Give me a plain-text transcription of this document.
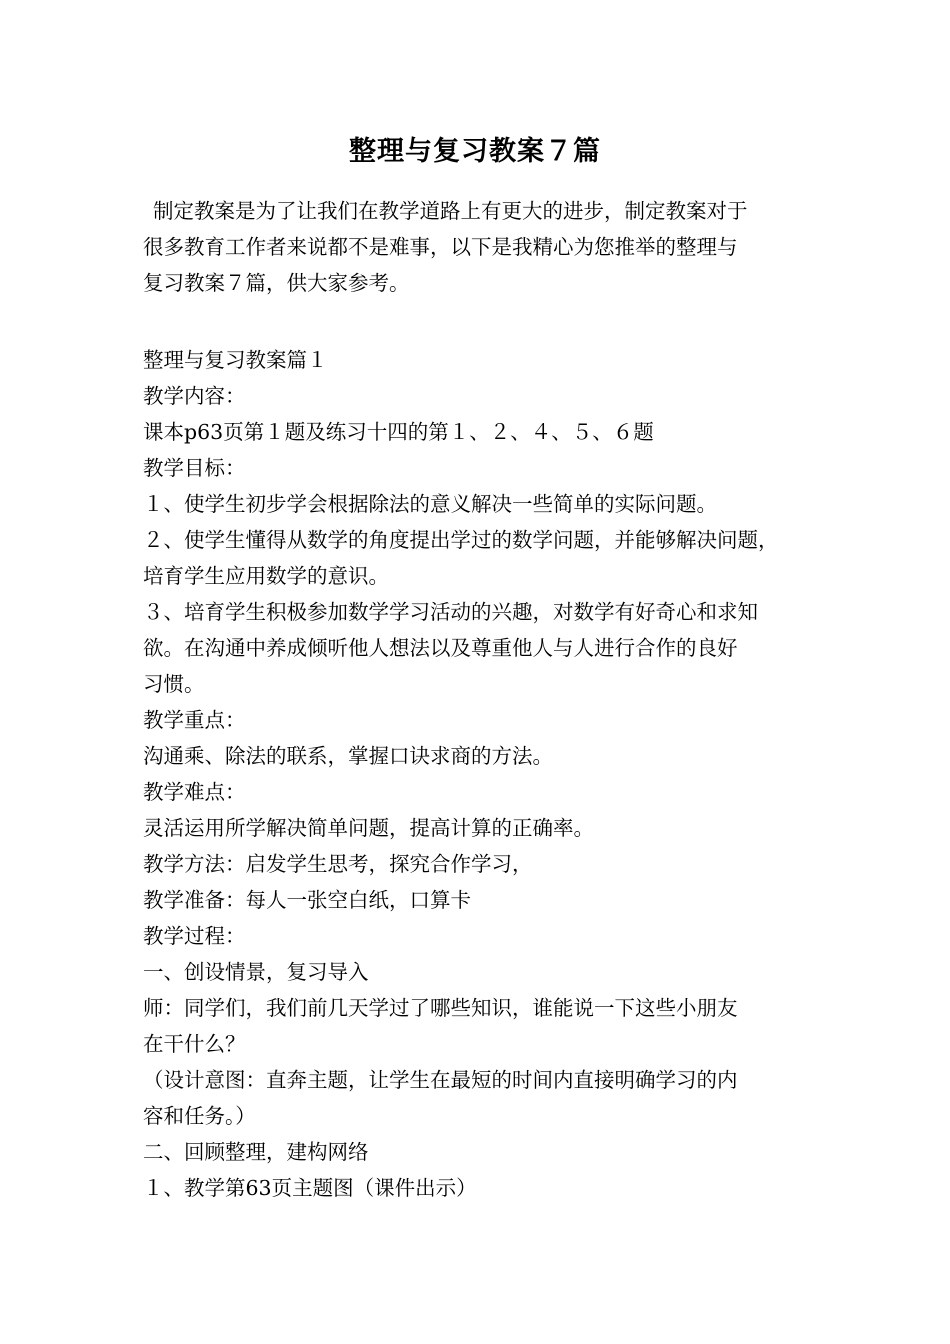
整理与复习教案７篇
制定教案是为了让我们在教学道路上有更大的进步，制定教案对于
很多教育工作者来说都不是难事，以下是我精心为您推举的整理与
复习教案７篇，供大家参考。
整理与复习教案篇１
教学内容：
课本p63页第１题及练习十四的第１、２、４、５、６题
教学目标：
１、使学生初步学会根据除法的意义解决一些简单的实际问题。
２、使学生懂得从数学的角度提出学过的数学问题，并能够解决问题，
培育学生应用数学的意识。
３、培育学生积极参加数学学习活动的兴趣，对数学有好奇心和求知
欲。在沟通中养成倾听他人想法以及尊重他人与人进行合作的良好
习惯。
教学重点：
沟通乘、除法的联系，掌握口诀求商的方法。
教学难点：
灵活运用所学解决简单问题，提高计算的正确率。
教学方法：启发学生思考，探究合作学习，
教学准备：每人一张空白纸，口算卡
教学过程：
一、创设情景，复习导入
师：同学们，我们前几天学过了哪些知识，谁能说一下这些小朋友
在干什么？
（设计意图：直奔主题，让学生在最短的时间内直接明确学习的内
容和任务。）
二、回顾整理，建构网络
１、教学第63页主题图（课件出示）
